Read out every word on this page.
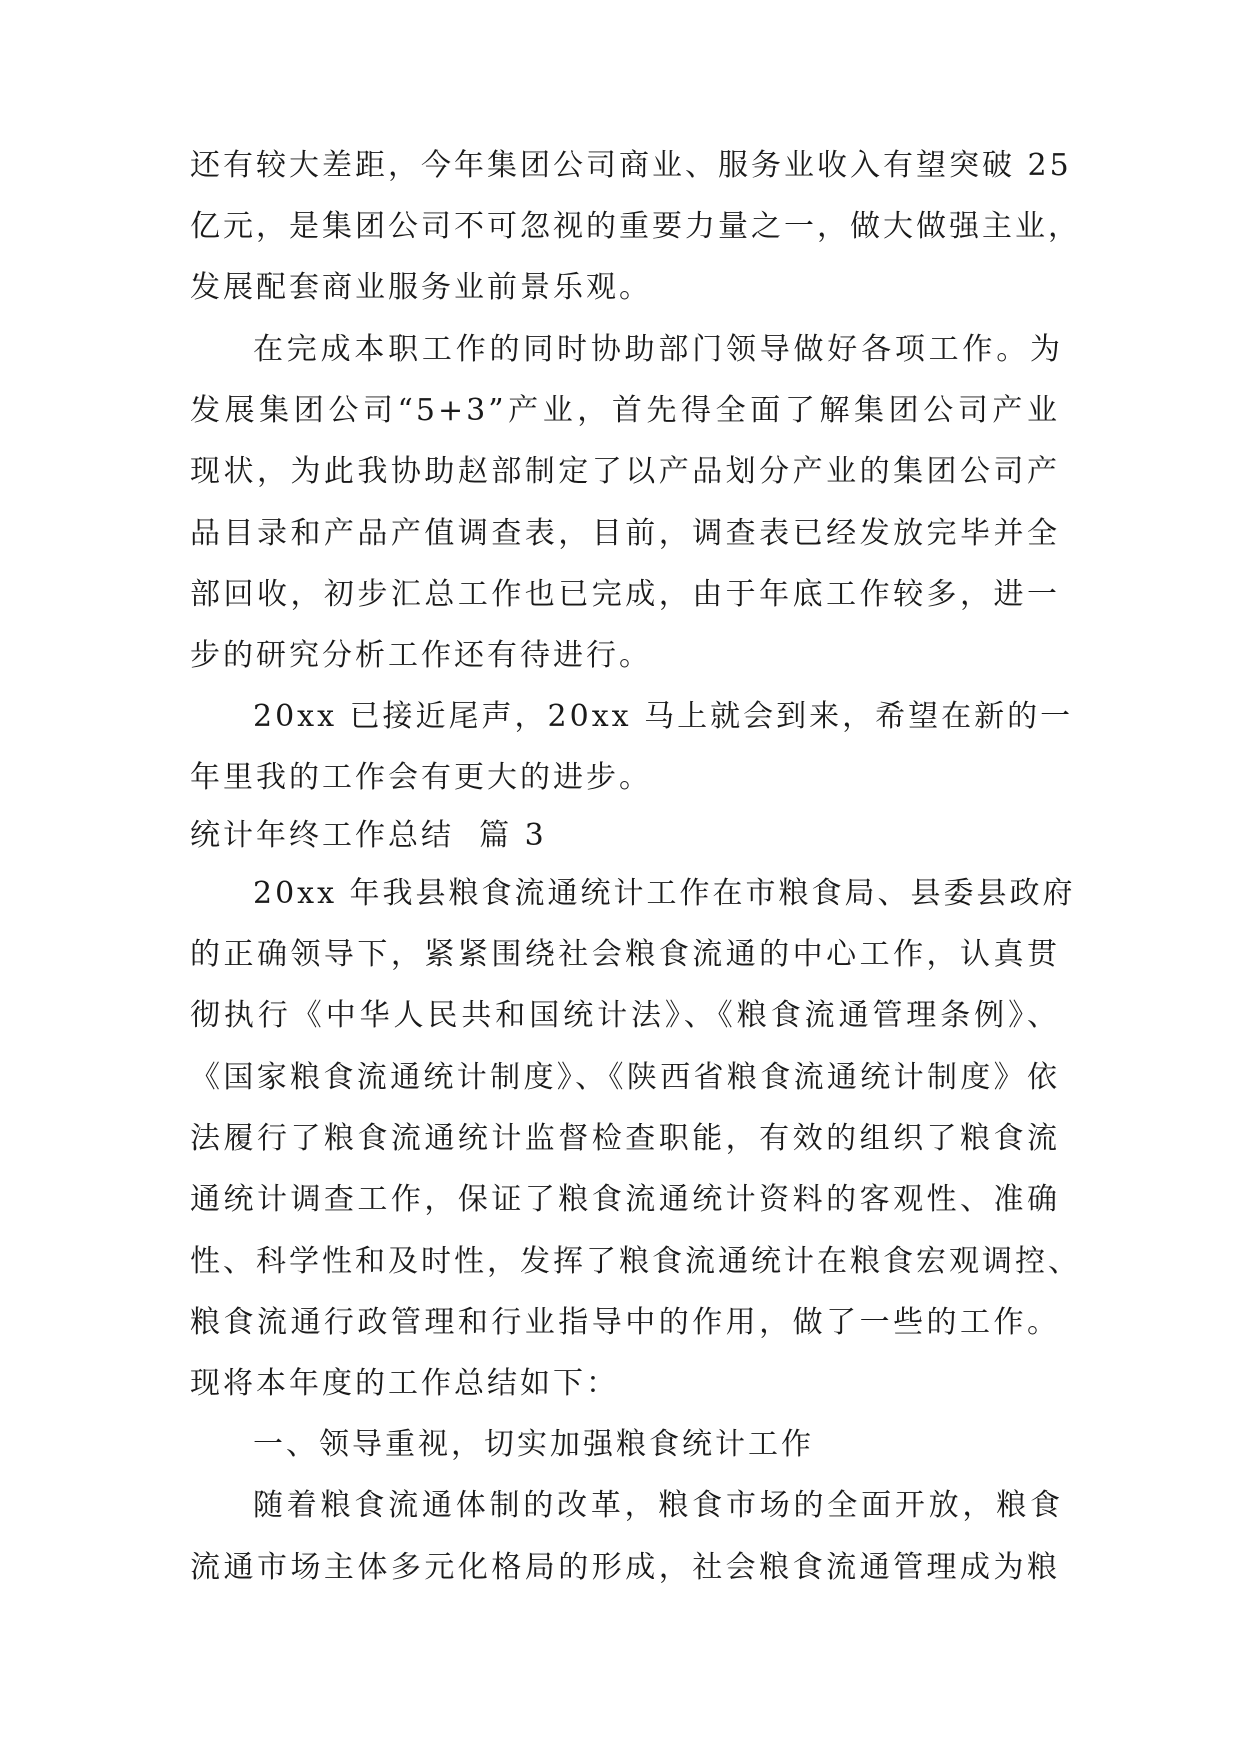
还有较大差距，今年集团公司商业、服务业收入有望突破 25
亿元，是集团公司不可忽视的重要力量之一，做大做强主业，
发展配套商业服务业前景乐观。
在完成本职工作的同时协助部门领导做好各项工作。为
发展集团公司“5+3”产业，首先得全面了解集团公司产业
现状，为此我协助赵部制定了以产品划分产业的集团公司产
品目录和产品产值调查表，目前，调查表已经发放完毕并全
部回收，初步汇总工作也已完成，由于年底工作较多，进一
步的研究分析工作还有待进行。
20xx 已接近尾声，20xx 马上就会到来，希望在新的一
年里我的工作会有更大的进步。
统计年终工作总结  篇 3
20xx 年我县粮食流通统计工作在市粮食局、县委县政府
的正确领导下，紧紧围绕社会粮食流通的中心工作，认真贯
彻执行《中华人民共和国统计法》、《粮食流通管理条例》、
《国家粮食流通统计制度》、《陕西省粮食流通统计制度》依
法履行了粮食流通统计监督检查职能，有效的组织了粮食流
通统计调查工作，保证了粮食流通统计资料的客观性、准确
性、科学性和及时性，发挥了粮食流通统计在粮食宏观调控、
粮食流通行政管理和行业指导中的作用，做了一些的工作。
现将本年度的工作总结如下：
一、领导重视，切实加强粮食统计工作
随着粮食流通体制的改革，粮食市场的全面开放，粮食
流通市场主体多元化格局的形成，社会粮食流通管理成为粮
